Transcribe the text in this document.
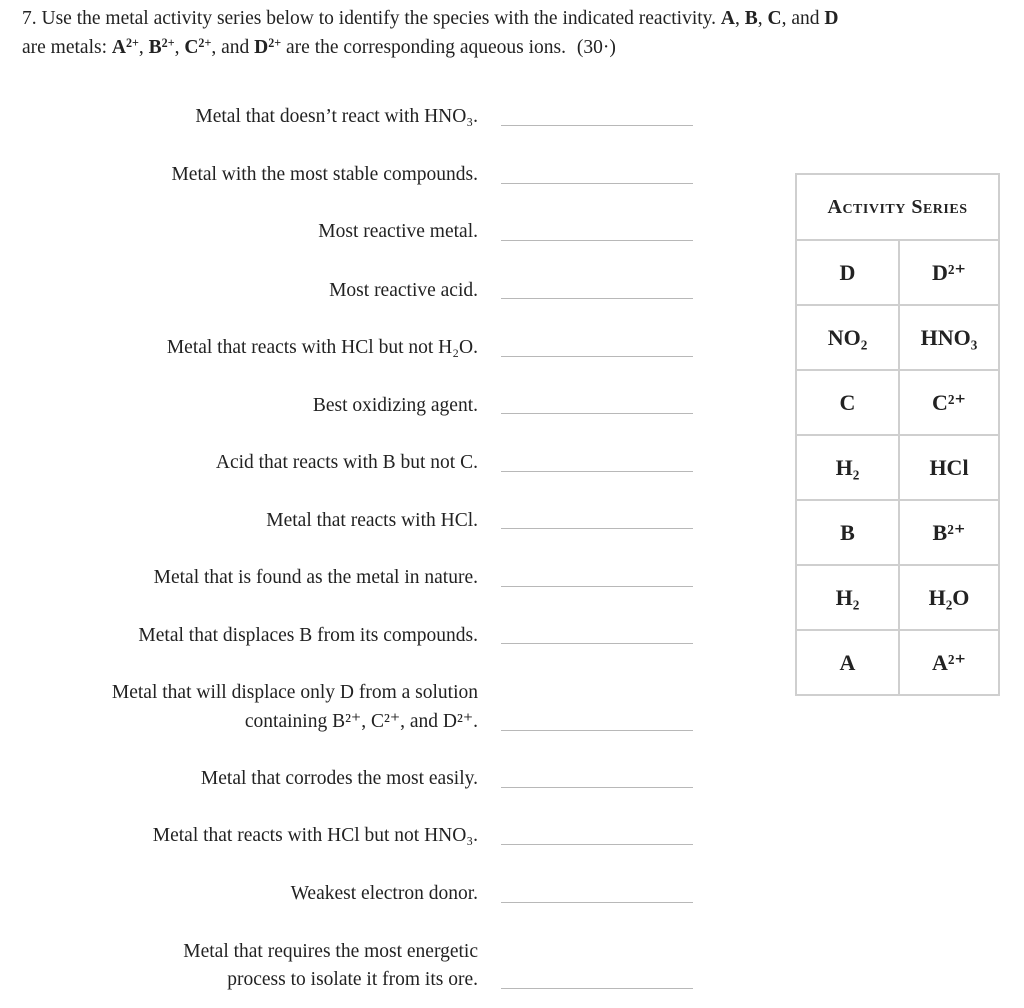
7. Use the metal activity series below to identify the species with the indicated reactivity. A, B, C, and D
are metals: $A^{2+}$, $B^{2+}$, $C^{2+}$, and $D^{2+}$ are the corresponding aqueous ions. (30·)
Metal that doesn’t react with HNO₃.
Metal with the most stable compounds.
Most reactive metal.
Most reactive acid.
Metal that reacts with HCl but not H₂O.
Best oxidizing agent.
Acid that reacts with B but not C.
Metal that reacts with HCl.
Metal that is found as the metal in nature.
Metal that displaces B from its compounds.
Metal that will displace only D from a solution
containing B²⁺, C²⁺, and D²⁺.
Metal that corrodes the most easily.
Metal that reacts with HCl but not HNO₃.
Weakest electron donor.
Metal that requires the most energetic
process to isolate it from its ore.
Activity Series
D	D²⁺
NO₂	HNO₃
C	C²⁺
H₂	HCl
B	B²⁺
H₂	H₂O
A	A²⁺
